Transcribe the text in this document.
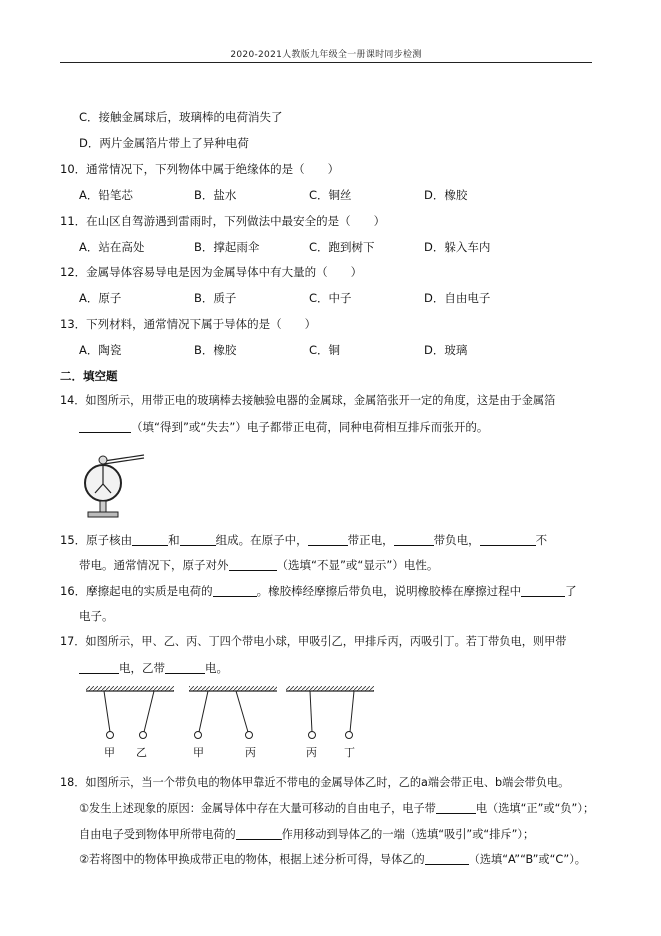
2020-2021人教版九年级全一册课时同步检测
C．接触金属球后，玻璃棒的电荷消失了
D．两片金属箔片带上了异种电荷
10．通常情况下，下列物体中属于绝缘体的是（　　）
A．铅笔芯	B．盐水	C．铜丝	D．橡胶
11．在山区自驾游遇到雷雨时，下列做法中最安全的是（　　）
A．站在高处	B．撑起雨伞	C．跑到树下	D．躲入车内
12．金属导体容易导电是因为金属导体中有大量的（　　）
A．原子	B．质子	C．中子	D．自由电子
13．下列材料，通常情况下属于导体的是（　　）
A．陶瓷	B．橡胶	C．铜	D．玻璃
二．填空题
14．如图所示，用带正电的玻璃棒去接触验电器的金属球，金属箔张开一定的角度，这是由于金属箔
（填“得到”或“失去”）电子都带正电荷，同种电荷相互排斥而张开的。
15．原子核由	和	组成。在原子中，	带正电，	带负电，	不
带电。通常情况下，原子对外	（选填“不显”或“显示”）电性。
16．摩擦起电的实质是电荷的	。橡胶棒经摩擦后带负电，说明橡胶棒在摩擦过程中	了
电子。
17．如图所示，甲、乙、丙、丁四个带电小球，甲吸引乙，甲排斥丙，丙吸引丁。若丁带负电，则甲带
电，乙带	电。
甲 乙	甲	丙	丙 丁
18．如图所示，当一个带负电的物体甲靠近不带电的金属导体乙时，乙的a端会带正电、b端会带负电。
①发生上述现象的原因：金属导体中存在大量可移动的自由电子，电子带	电（选填“正”或“负”）；
自由电子受到物体甲所带电荷的	作用移动到导体乙的一端（选填“吸引”或“排斥”）；
②若将图中的物体甲换成带正电的物体，根据上述分析可得，导体乙的	（选填“A”“B”或“C”）。
